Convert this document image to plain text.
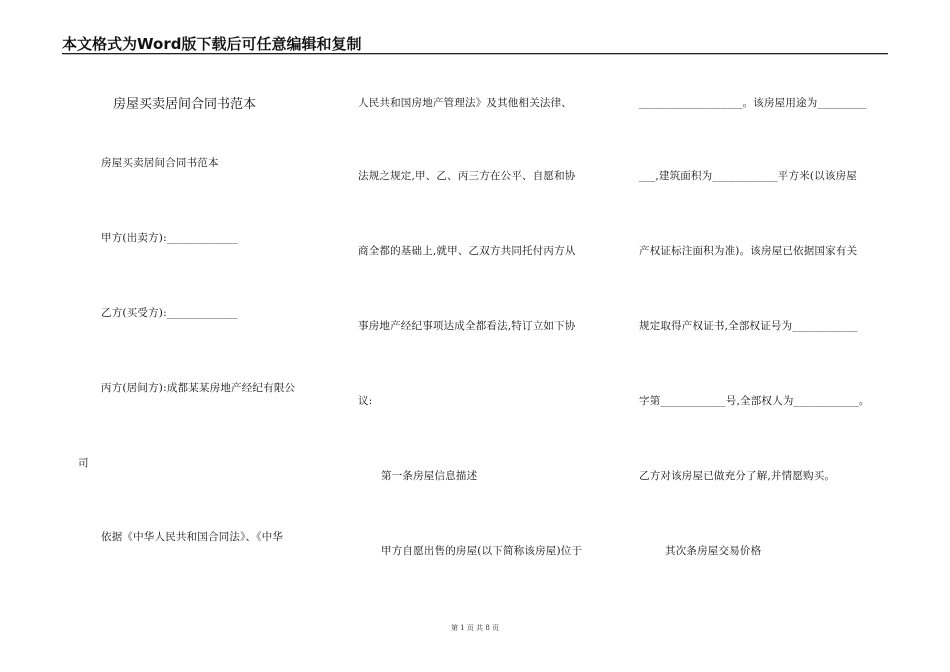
本文格式为Word版下载后可任意编辑和复制
房屋买卖居间合同书范本
房屋买卖居间合同书范本
甲方(出卖方):_____________
乙方(买受方):_____________
丙方(居间方):成都某某房地产经纪有限公
司
依据《中华人民共和国合同法》、《中华
人民共和国房地产管理法》及其他相关法律、
法规之规定,甲、乙、丙三方在公平、自愿和协
商全都的基础上,就甲、乙双方共同托付丙方从
事房地产经纪事项达成全都看法,特订立如下协
议:
第一条房屋信息描述
甲方自愿出售的房屋(以下简称该房屋)位于
___________________。该房屋用途为_________
___,建筑面积为____________平方米(以该房屋
产权证标注面积为准)。该房屋已依据国家有关
规定取得产权证书,全部权证号为____________
字第____________号,全部权人为____________。
乙方对该房屋已做充分了解,并情愿购买。
其次条房屋交易价格
第 1 页 共 8 页
